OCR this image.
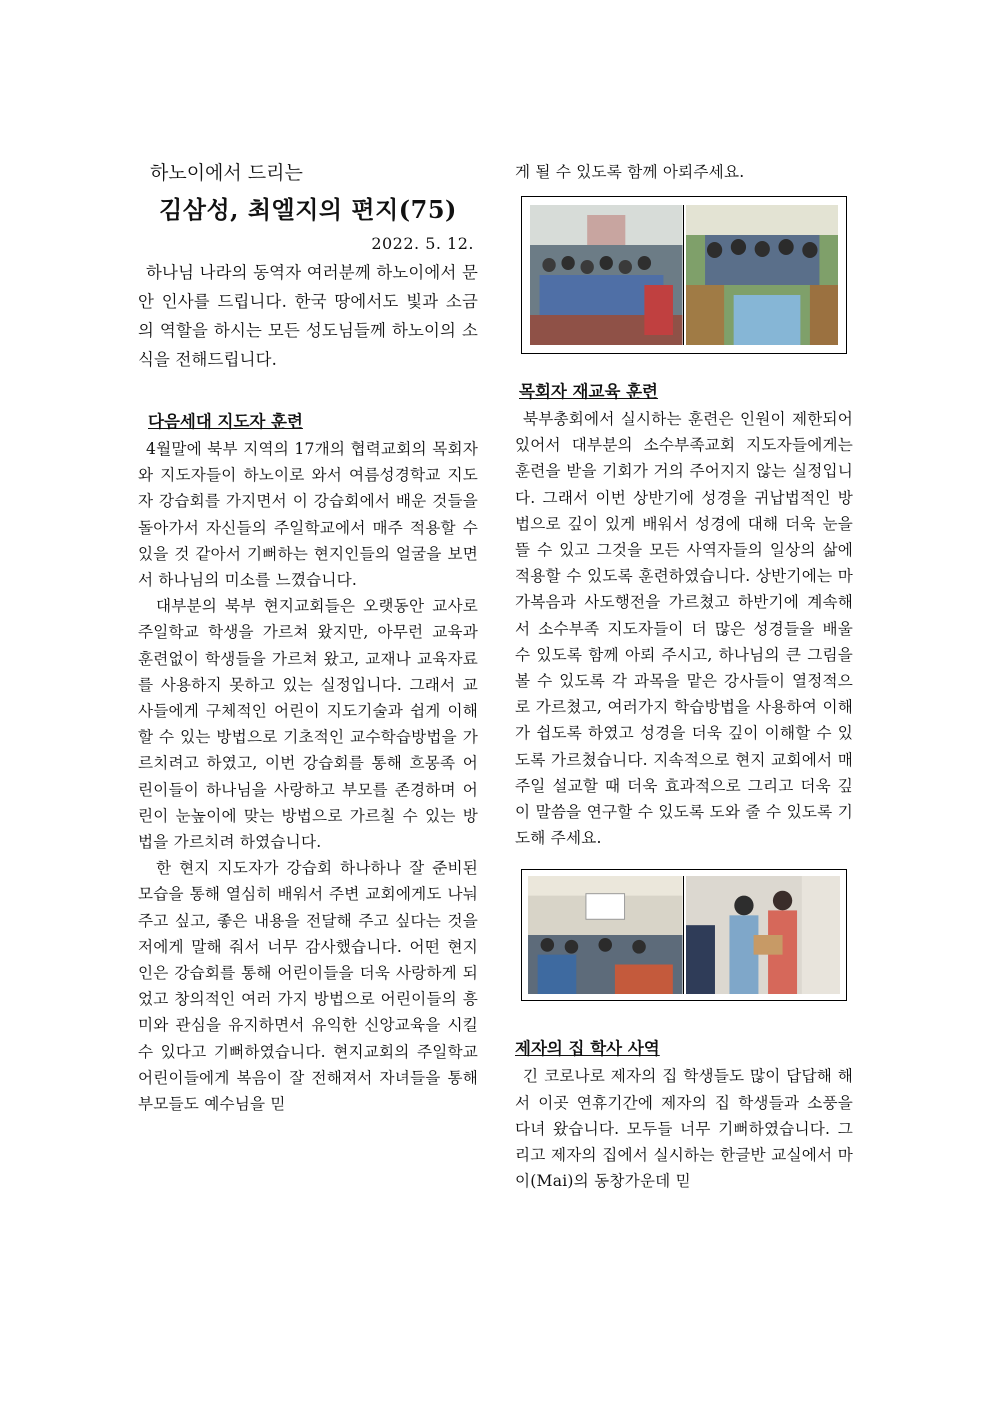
하노이에서 드리는

김삼성, 최엘지의 편지(75)

2022. 5. 12.

하나님 나라의 동역자 여러분께 하노이에서 문안 인사를 드립니다. 한국 땅에서도 빛과 소금의 역할을 하시는 모든 성도님들께 하노이의 소식을 전해드립니다.

다음세대 지도자 훈련

4월말에 북부 지역의 17개의 협력교회의 목회자와 지도자들이 하노이로 와서 여름성경학교 지도자 강습회를 가지면서 이 강습회에서 배운 것들을 돌아가서 자신들의 주일학교에서 매주 적용할 수 있을 것 같아서 기뻐하는 현지인들의 얼굴을 보면서 하나님의 미소를 느꼈습니다.

대부분의 북부 현지교회들은 오랫동안 교사로 주일학교 학생을 가르쳐 왔지만, 아무런 교육과 훈련없이 학생들을 가르쳐 왔고, 교재나 교육자료를 사용하지 못하고 있는 실정입니다. 그래서 교사들에게 구체적인 어린이 지도기술과 쉽게 이해할 수 있는 방법으로 기초적인 교수학습방법을 가르치려고 하였고, 이번 강습회를 통해 흐몽족 어린이들이 하나님을 사랑하고 부모를 존경하며 어린이 눈높이에 맞는 방법으로 가르칠 수 있는 방법을 가르치려 하였습니다.

한 현지 지도자가 강습회 하나하나 잘 준비된 모습을 통해 열심히 배워서 주변 교회에게도 나눠 주고 싶고, 좋은 내용을 전달해 주고 싶다는 것을 저에게 말해 줘서 너무 감사했습니다. 어떤 현지인은 강습회를 통해 어린이들을 더욱 사랑하게 되었고 창의적인 여러 가지 방법으로 어린이들의 흥미와 관심을 유지하면서 유익한 신앙교육을 시킬 수 있다고 기뻐하였습니다. 현지교회의 주일학교 어린이들에게 복음이 잘 전해져서 자녀들을 통해 부모들도 예수님을 믿

게 될 수 있도록 함께 아뢰주세요.

목회자 재교육 훈련

북부총회에서 실시하는 훈련은 인원이 제한되어 있어서 대부분의 소수부족교회 지도자들에게는 훈련을 받을 기회가 거의 주어지지 않는 실정입니다. 그래서 이번 상반기에 성경을 귀납법적인 방법으로 깊이 있게 배워서 성경에 대해 더욱 눈을 뜰 수 있고 그것을 모든 사역자들의 일상의 삶에 적용할 수 있도록 훈련하였습니다. 상반기에는 마가복음과 사도행전을 가르쳤고 하반기에 계속해서 소수부족 지도자들이 더 많은 성경들을 배울 수 있도록 함께 아뢰 주시고, 하나님의 큰 그림을 볼 수 있도록 각 과목을 맡은 강사들이 열정적으로 가르쳤고, 여러가지 학습방법을 사용하여 이해가 쉽도록 하였고 성경을 더욱 깊이 이해할 수 있도록 가르쳤습니다. 지속적으로 현지 교회에서 매주일 설교할 때 더욱 효과적으로 그리고 더욱 깊이 말씀을 연구할 수 있도록 도와 줄 수 있도록 기도해 주세요.

제자의 집 학사 사역

긴 코로나로 제자의 집 학생들도 많이 답답해 해서 이곳 연휴기간에 제자의 집 학생들과 소풍을 다녀 왔습니다. 모두들 너무 기뻐하였습니다. 그리고 제자의 집에서 실시하는 한글반 교실에서 마이(Mai)의 동창가운데 믿
